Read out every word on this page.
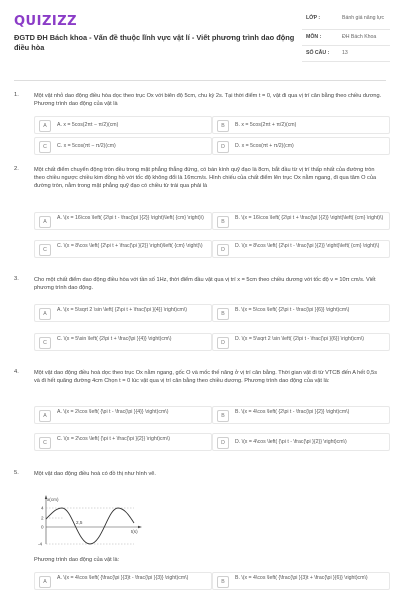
QUIZIZZ
ĐGTD ĐH Bách khoa - Vấn đề thuộc lĩnh vực vật lí - Viết phương trình dao động điều hòa
LỚP :	Bánh giá năng lực
MÔN :	ĐH Bách Khoa
SỐ CÂU : 13
1.	Một vật nhỏ dao động điều hòa dọc theo trục Ox với biên độ 5cm, chu kỳ 2s. Tại thời điểm t = 0, vật đi qua vị trí cân bằng theo chiều dương. Phương trình dao động của vật là
A	A. x = 5cos(2πt − π/2)(cm)	B	B. x = 5cos(2πt + π/2)(cm)
C	C. x = 5cos(πt − π/2)(cm)	D	D. x = 5cos(πt + π/2)(cm)
2.	Một chất điểm chuyển động tròn đều trong mặt phẳng thẳng đứng, có bán kính quỹ đạo là 8cm, bắt đầu từ vị trí thấp nhất của đường tròn theo chiều ngược chiều kim đồng hồ với tốc độ không đổi là 16πcm/s. Hình chiếu của chất điểm lên trục Ox nằm ngang, đi qua tâm O của đường tròn, nằm trong mặt phẳng quỹ đạo có chiều từ trái qua phải là
A
A. \(x = 16\cos \left( {2\pi t - \frac{\pi }{2}} \right)\left( {cm} \right)\)
B
B. \(x = 16\cos \left( {2\pi t + \frac{\pi }{2}} \right)\left( {cm} \right)\)
C
C. \(x = 8\cos \left( {2\pi t + \frac{\pi }{2}} \right)\left( {cm} \right)\)
D
D. \(x = 8\cos \left( {2\pi t - \frac{\pi }{2}} \right)\left( {cm} \right)\)
3.	Cho một chất điểm dao động điều hòa với tần số 1Hz, thời điểm đầu vật qua vị trí x = 5cm theo chiều dương với tốc độ v = 10π cm/s. Viết phương trình dao động.
A
A. \(x = 5\sqrt 2 \sin \left( {2\pi t + \frac{\pi }{4}} \right)cm\)
B
B. \(x = 5\cos \left( {2\pi t - \frac{\pi }{6}} \right)cm\)
C
C. \(x = 5\sin \left( {2\pi t + \frac{\pi }{4}} \right)cm\)
D
D. \(x = 5\sqrt 2 \sin \left( {2\pi t - \frac{\pi }{6}} \right)cm\)
4.	Một vật dao động điều hoà dọc theo trục Ox nằm ngang, gốc O và mốc thế năng ở vị trí cân bằng. Thời gian vật đi từ VTCB đến A hết 0,5s và đi hết quãng đường 4cm Chọn t = 0 lúc vật qua vị trí cân bằng theo chiều dương. Phương trình dao động của vật là:
A
A. \(x = 2\cos \left( {\pi t - \frac{\pi }{4}} \right)cm\)
B
B. \(x = 4\cos \left( {2\pi t - \frac{\pi }{2}} \right)cm\)
C
C. \(x = 2\cos \left( {\pi t + \frac{\pi }{2}} \right)cm\)
D	D. \(x = 4\cos \left( {\pi t - \frac{\pi }{2}} \right)cm\)
5.	Một vật dao động điều hoà có đồ thị như hình vẽ.
x(cm)
t(s)
4
2
0
-4
2,5
Phương trình dao động của vật là:
A
A. \(x = 4\cos \left( {\frac{\pi }{3}t - \frac{\pi }{3}} \right)cm\)
B
B. \(x = 4\cos \left( {\frac{\pi }{3}t + \frac{\pi }{6}} \right)cm\)
